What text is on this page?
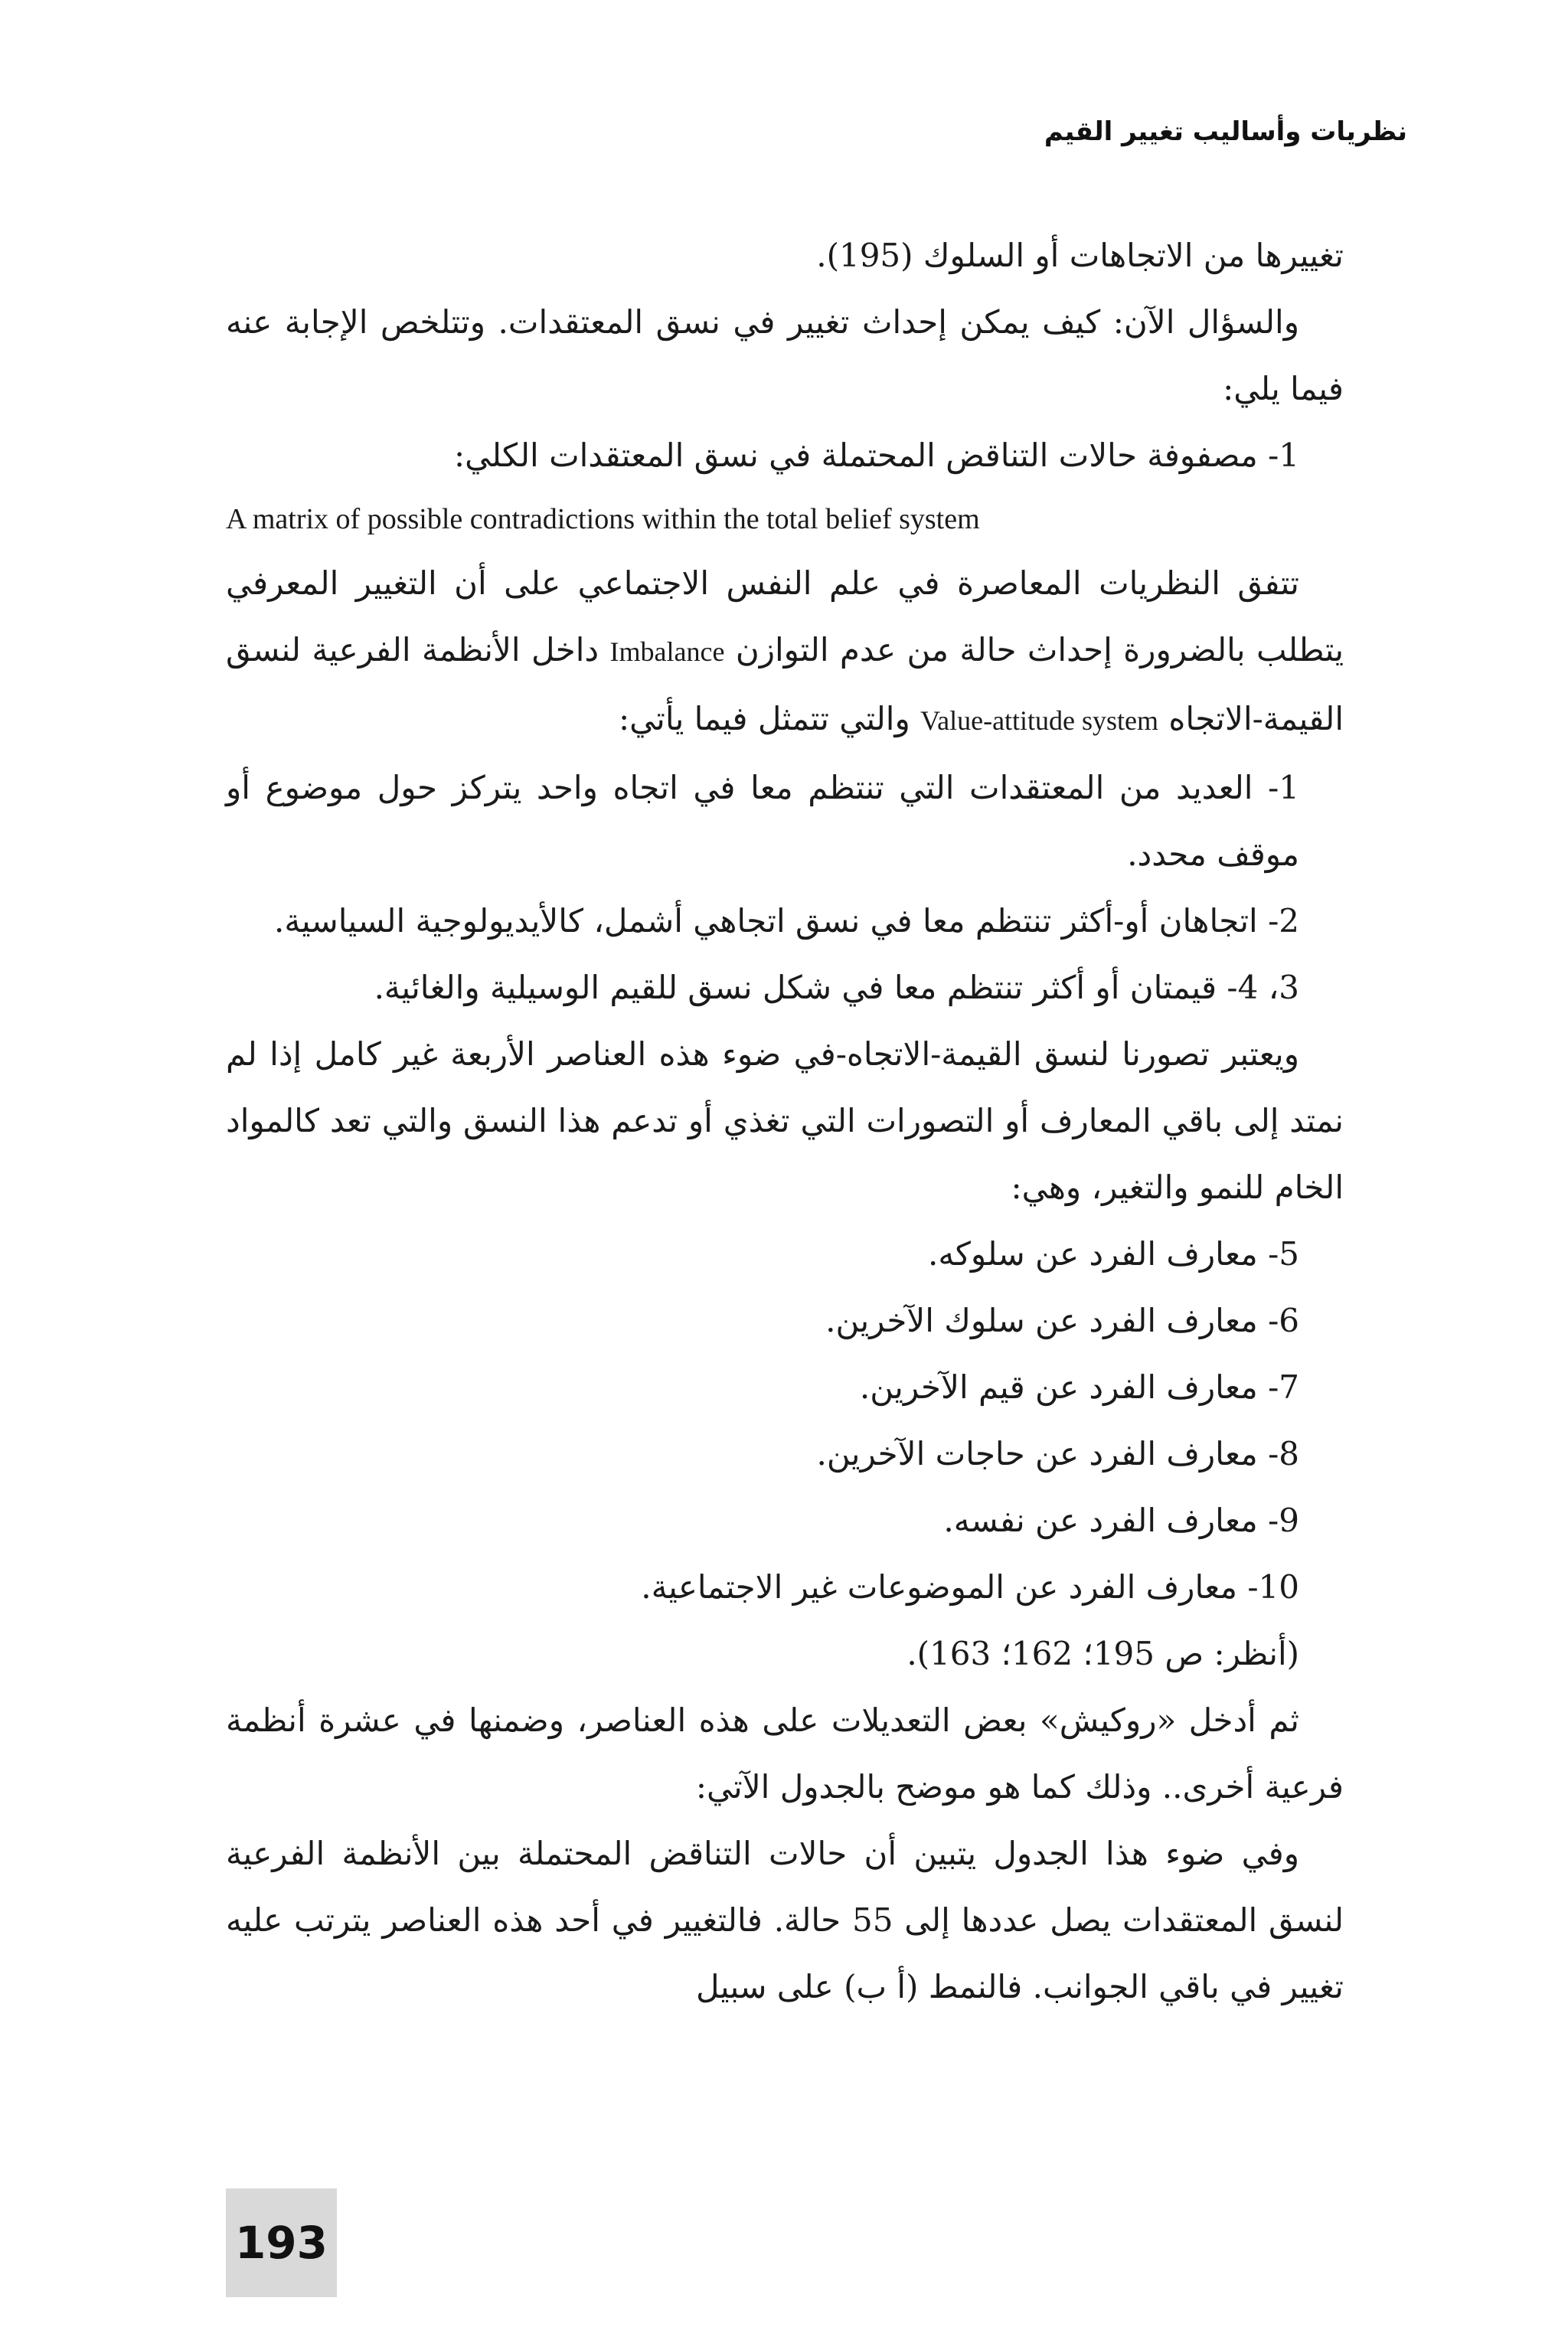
نظريات وأساليب تغيير القيم

تغييرها من الاتجاهات أو السلوك (195).

والسؤال الآن: كيف يمكن إحداث تغيير في نسق المعتقدات. وتتلخص الإجابة عنه فيما يلي:

1- مصفوفة حالات التناقض المحتملة في نسق المعتقدات الكلي:

A matrix of possible contradictions within the total belief system

تتفق النظريات المعاصرة في علم النفس الاجتماعي على أن التغيير المعرفي يتطلب بالضرورة إحداث حالة من عدم التوازن Imbalance داخل الأنظمة الفرعية لنسق القيمة-الاتجاه Value-attitude system والتي تتمثل فيما يأتي:

1- العديد من المعتقدات التي تنتظم معا في اتجاه واحد يتركز حول موضوع أو موقف محدد.

2- اتجاهان أو-أكثر تنتظم معا في نسق اتجاهي أشمل، كالأيديولوجية السياسية.

3، 4- قيمتان أو أكثر تنتظم معا في شكل نسق للقيم الوسيلية والغائية.

ويعتبر تصورنا لنسق القيمة-الاتجاه-في ضوء هذه العناصر الأربعة غير كامل إذا لم نمتد إلى باقي المعارف أو التصورات التي تغذي أو تدعم هذا النسق والتي تعد كالمواد الخام للنمو والتغير، وهي:

5- معارف الفرد عن سلوكه.

6- معارف الفرد عن سلوك الآخرين.

7- معارف الفرد عن قيم الآخرين.

8- معارف الفرد عن حاجات الآخرين.

9- معارف الفرد عن نفسه.

10- معارف الفرد عن الموضوعات غير الاجتماعية.

(أنظر: ص 195؛ 162؛ 163).

ثم أدخل «روكيش» بعض التعديلات على هذه العناصر، وضمنها في عشرة أنظمة فرعية أخرى.. وذلك كما هو موضح بالجدول الآتي:

وفي ضوء هذا الجدول يتبين أن حالات التناقض المحتملة بين الأنظمة الفرعية لنسق المعتقدات يصل عددها إلى 55 حالة. فالتغيير في أحد هذه العناصر يترتب عليه تغيير في باقي الجوانب. فالنمط (أ ب) على سبيل

193
